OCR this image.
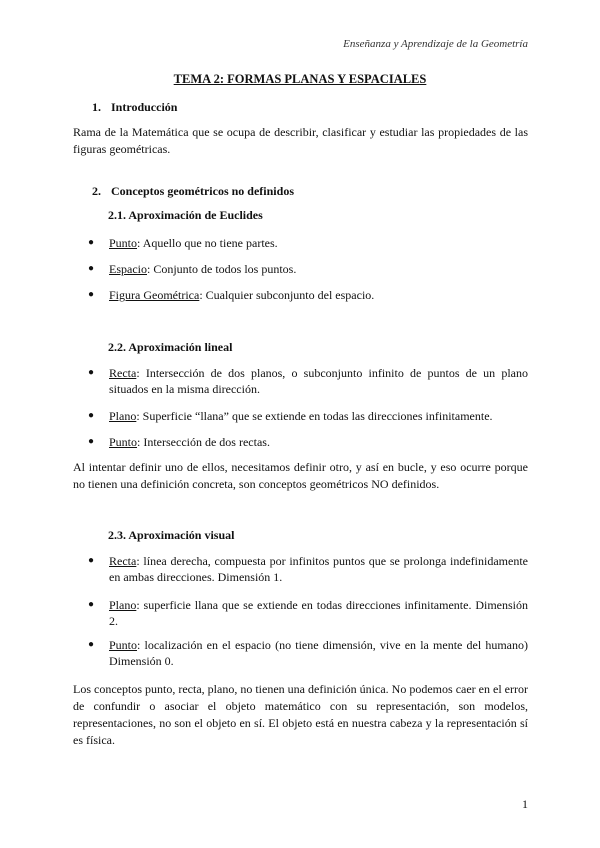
Enseñanza y Aprendizaje de la Geometría
TEMA 2: FORMAS PLANAS Y ESPACIALES
1. Introducción
Rama de la Matemática que se ocupa de describir, clasificar y estudiar las propiedades de las figuras geométricas.
2. Conceptos geométricos no definidos
2.1. Aproximación de Euclides
● Punto: Aquello que no tiene partes.
● Espacio: Conjunto de todos los puntos.
● Figura Geométrica: Cualquier subconjunto del espacio.
2.2. Aproximación lineal
● Recta: Intersección de dos planos, o subconjunto infinito de puntos de un plano situados en la misma dirección.
● Plano: Superficie “llana” que se extiende en todas las direcciones infinitamente.
● Punto: Intersección de dos rectas.
Al intentar definir uno de ellos, necesitamos definir otro, y así en bucle, y eso ocurre porque no tienen una definición concreta, son conceptos geométricos NO definidos.
2.3. Aproximación visual
● Recta: línea derecha, compuesta por infinitos puntos que se prolonga indefinidamente en ambas direcciones. Dimensión 1.
● Plano: superficie llana que se extiende en todas direcciones infinitamente. Dimensión 2.
● Punto: localización en el espacio (no tiene dimensión, vive en la mente del humano) Dimensión 0.
Los conceptos punto, recta, plano, no tienen una definición única. No podemos caer en el error de confundir o asociar el objeto matemático con su representación, son modelos, representaciones, no son el objeto en sí. El objeto está en nuestra cabeza y la representación sí es física.
1
